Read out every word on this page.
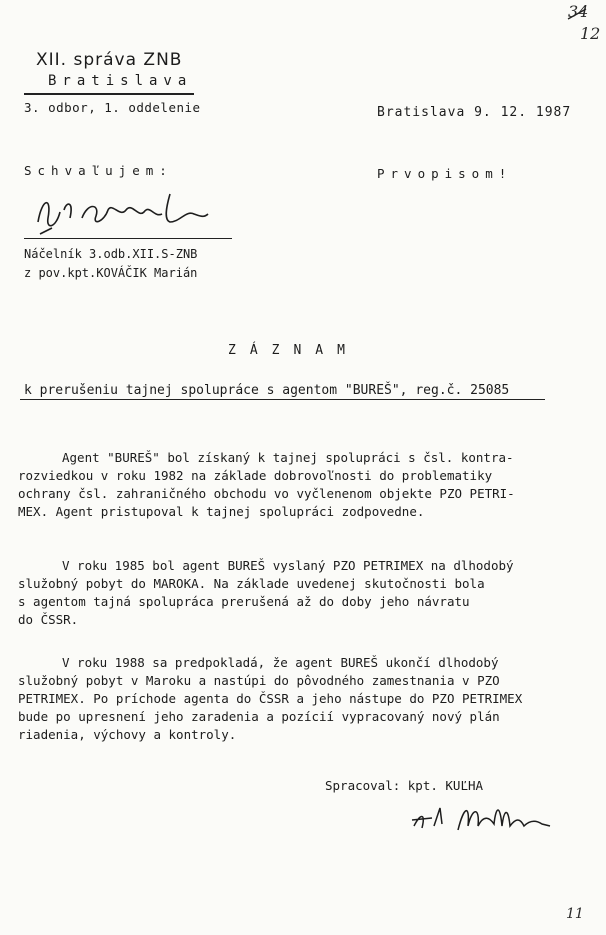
34
12
XII. správa ZNB
Bratislava
3. odbor, 1. oddelenie	Bratislava 9. 12. 1987
Schvaľujem:	Prvopisom!
Náčelník 3.odb.XII.S-ZNB
z pov.kpt.KOVÁČIK Marián
ZÁZNAM
k prerušeniu tajnej spolupráce s agentom "BUREŠ", reg.č. 25085

Agent "BUREŠ" bol získaný k tajnej spolupráci s čsl. kontra-

rozviedkou v roku 1982 na základe dobrovoľnosti do problematiky

ochrany čsl. zahraničného obchodu vo vyčlenenom objekte PZO PETRI-

MEX. Agent pristupoval k tajnej spolupráci zodpovedne.

V roku 1985 bol agent BUREŠ vyslaný PZO PETRIMEX na dlhodobý

služobný pobyt do MAROKA. Na základe uvedenej skutočnosti bola

s agentom tajná spolupráca prerušená až do doby jeho návratu

do ČSSR.

V roku 1988 sa predpokladá, že agent BUREŠ ukončí dlhodobý

služobný pobyt v Maroku a nastúpi do pôvodného zamestnania v PZO

PETRIMEX. Po príchode agenta do ČSSR a jeho nástupe do PZO PETRIMEX

bude po upresnení jeho zaradenia a pozícií vypracovaný nový plán

riadenia, výchovy a kontroly.

Spracoval: kpt. KUĽHA
11
